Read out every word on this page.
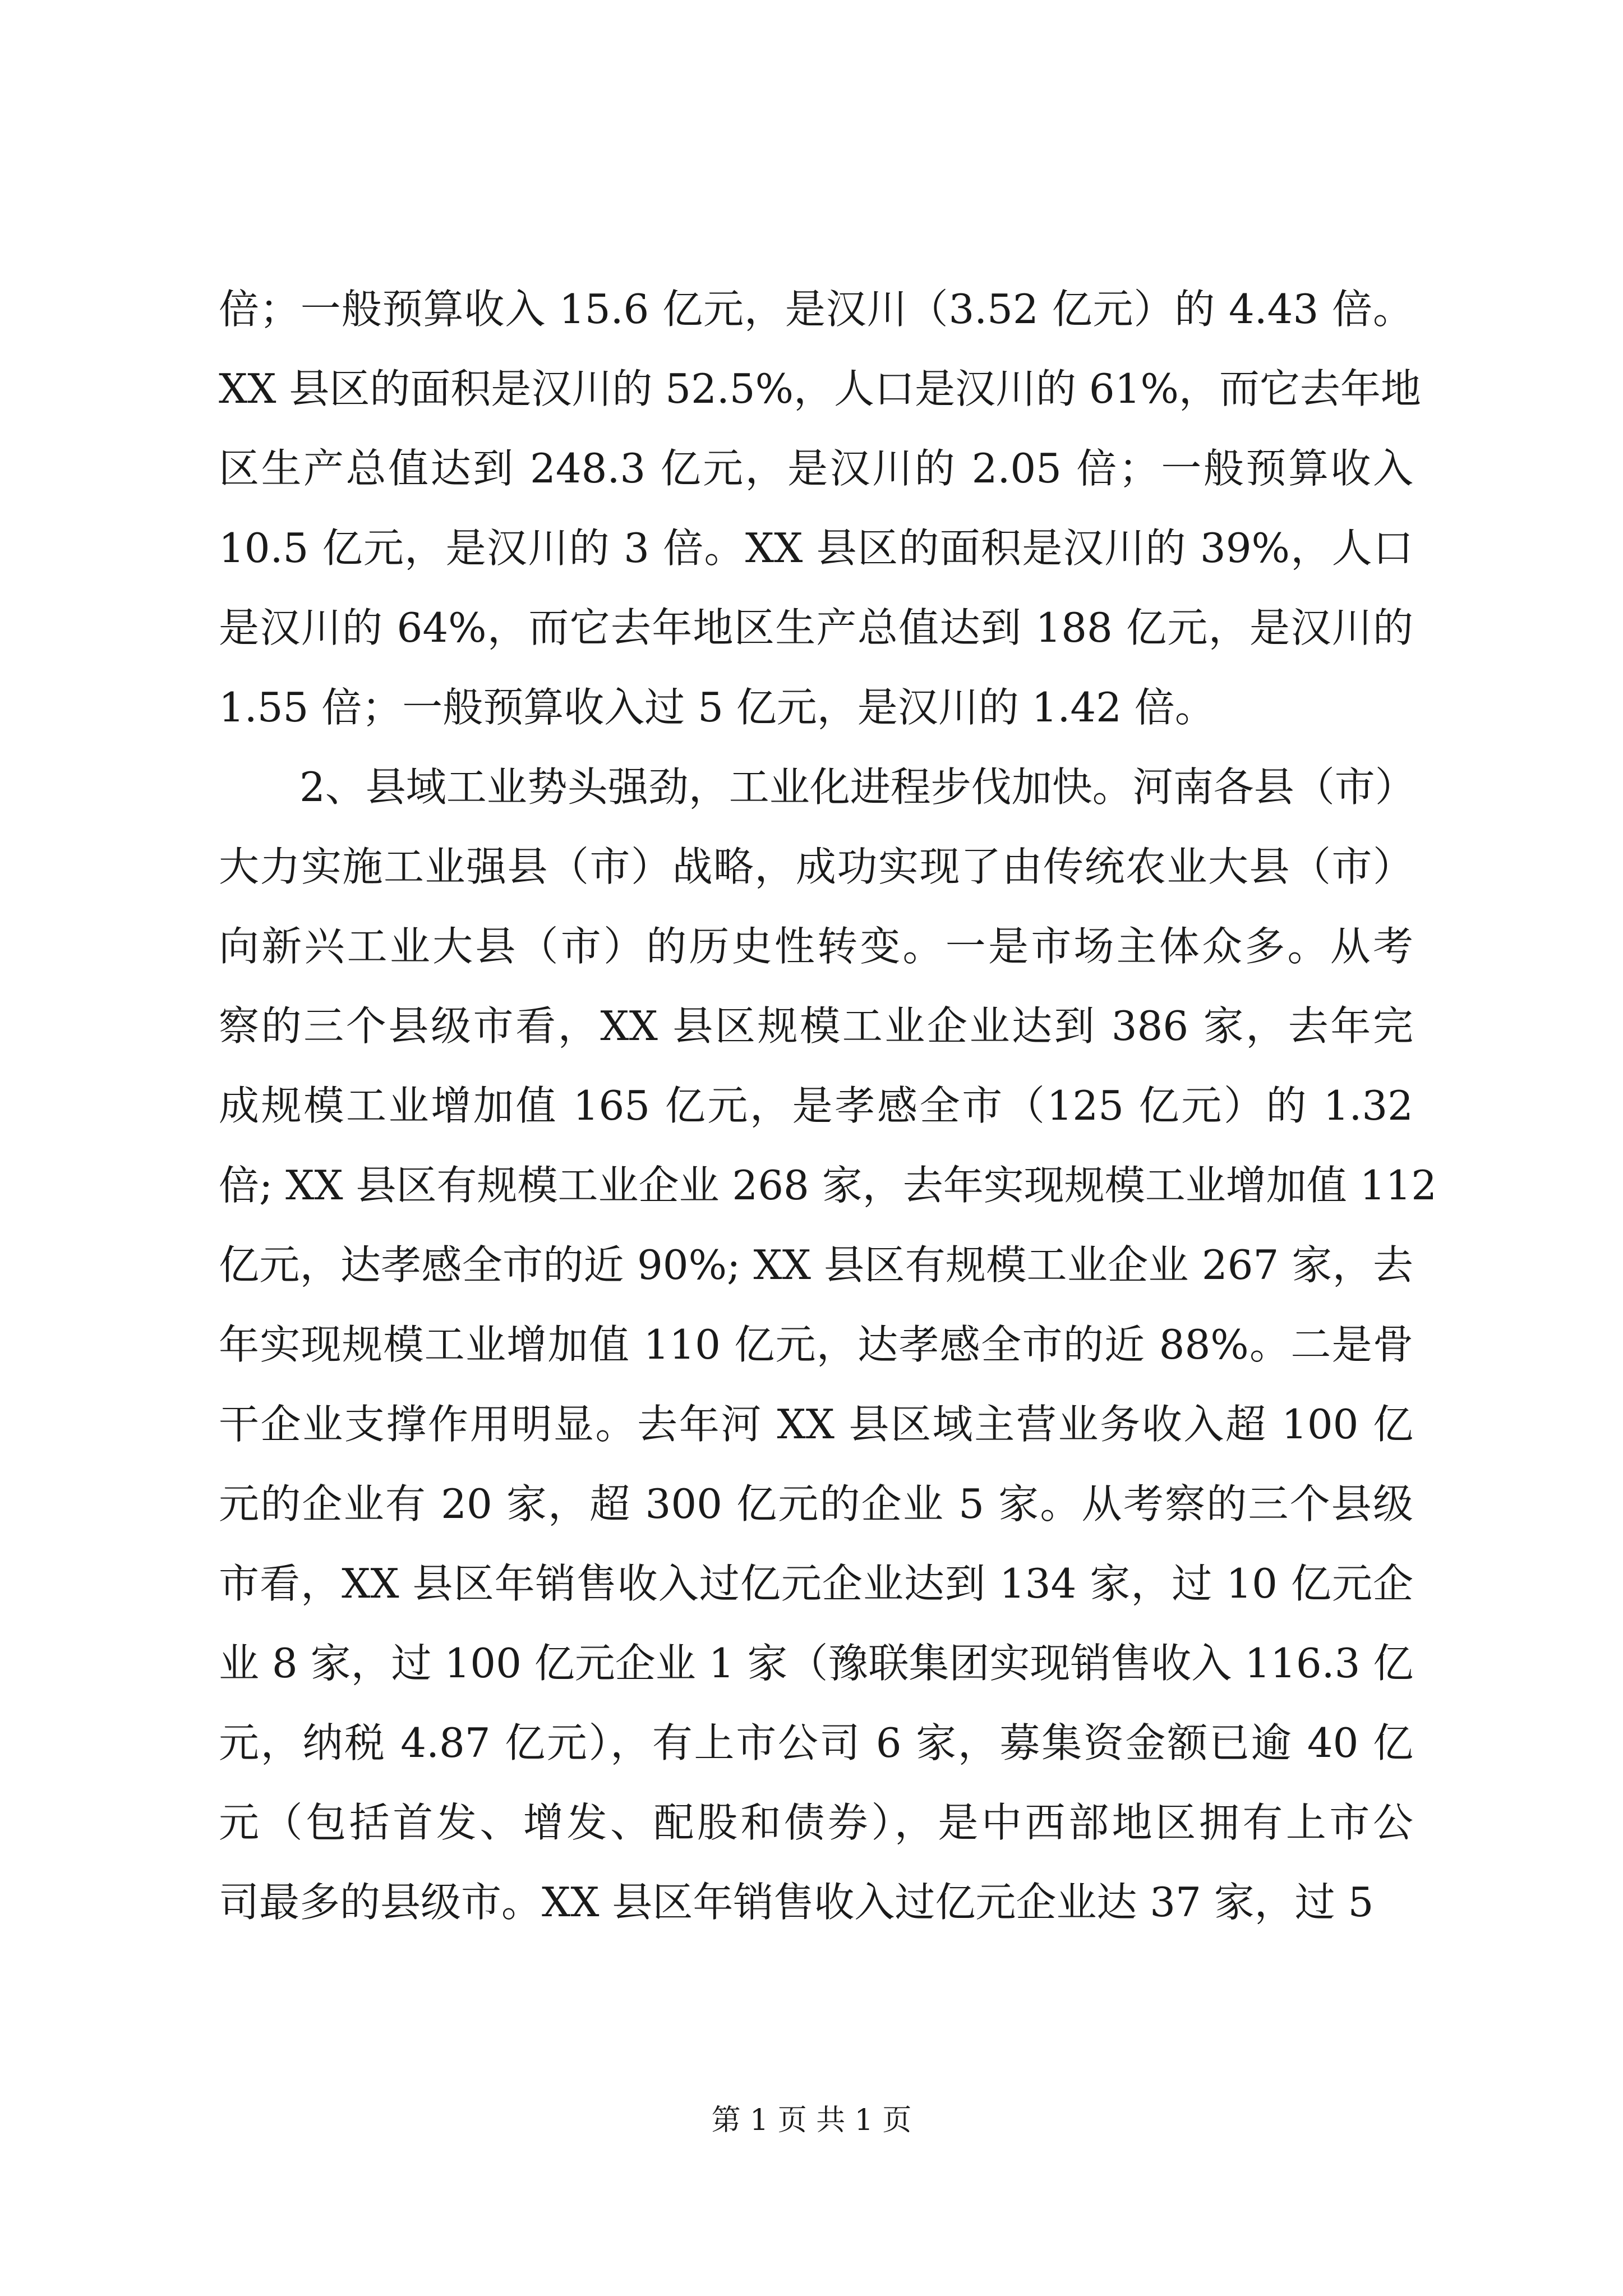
倍；一般预算收入 15.6 亿元，是汉川（3.52 亿元）的 4.43 倍。
XX 县区的面积是汉川的 52.5%，人口是汉川的 61%，而它去年地
区生产总值达到 248.3 亿元，是汉川的 2.05 倍；一般预算收入
10.5 亿元，是汉川的 3 倍。XX 县区的面积是汉川的 39%，人口
是汉川的 64%，而它去年地区生产总值达到 188 亿元，是汉川的
1.55 倍；一般预算收入过 5 亿元，是汉川的 1.42 倍。
2、县域工业势头强劲，工业化进程步伐加快。河南各县（市）
大力实施工业强县（市）战略，成功实现了由传统农业大县（市）
向新兴工业大县（市）的历史性转变。一是市场主体众多。从考
察的三个县级市看，XX 县区规模工业企业达到 386 家，去年完
成规模工业增加值 165 亿元，是孝感全市（125 亿元）的 1.32
倍; XX 县区有规模工业企业 268 家，去年实现规模工业增加值 112
亿元，达孝感全市的近 90%; XX 县区有规模工业企业 267 家，去
年实现规模工业增加值 110 亿元，达孝感全市的近 88%。二是骨
干企业支撑作用明显。去年河 XX 县区域主营业务收入超 100 亿
元的企业有 20 家，超 300 亿元的企业 5 家。从考察的三个县级
市看，XX 县区年销售收入过亿元企业达到 134 家，过 10 亿元企
业 8 家，过 100 亿元企业 1 家（豫联集团实现销售收入 116.3 亿
元，纳税 4.87 亿元），有上市公司 6 家，募集资金额已逾 40 亿
元（包括首发、增发、配股和债券），是中西部地区拥有上市公
司最多的县级市。XX 县区年销售收入过亿元企业达 37 家，过 5
第 1 页 共 1 页
